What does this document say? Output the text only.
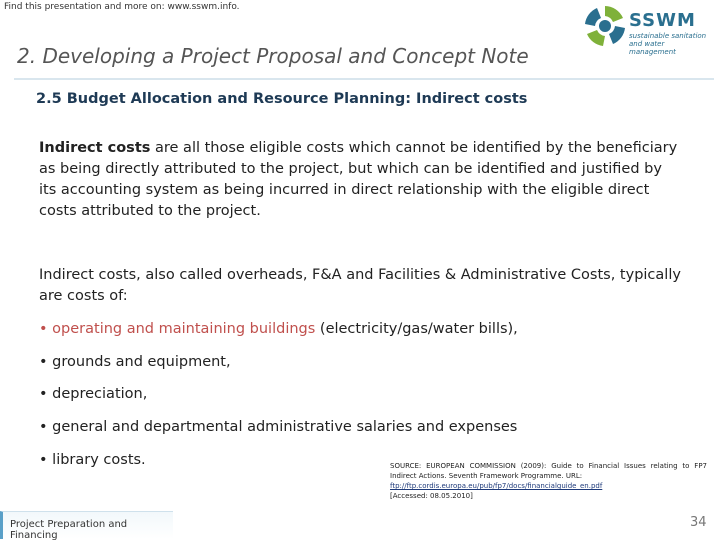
Find this presentation and more on: www.sswm.info.
SSWM
sustainable sanitation and water management
2. Developing a Project Proposal and Concept Note
2.5 Budget Allocation and Resource Planning: Indirect costs
Indirect costs are all those eligible costs which cannot be identified by the beneficiary as being directly attributed to the project, but which can be identified and justified by its accounting system as being incurred in direct relationship with the eligible direct costs attributed to the project.
Indirect costs, also called overheads, F&A and Facilities & Administrative Costs, typically are costs of:
• operating and maintaining buildings (electricity/gas/water bills),
• grounds and equipment,
• depreciation,
• general and departmental administrative salaries and expenses
• library costs.	SOURCE: EUROPEAN COMMISSION (2009): Guide to Financial Issues relating to FP7 Indirect Actions. Seventh Framework Programme. URL:
ftp://ftp.cordis.europa.eu/pub/fp7/docs/financialguide_en.pdf
[Accessed: 08.05.2010]
Project Preparation and Financing
34
